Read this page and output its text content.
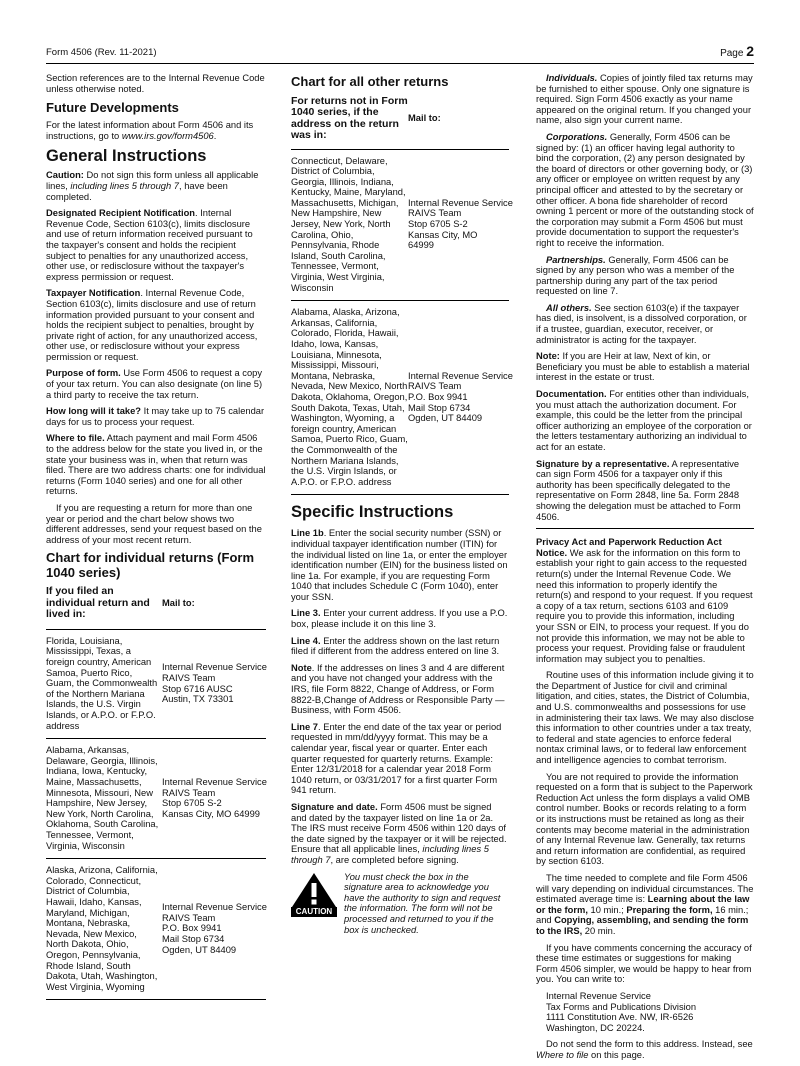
Form 4506 (Rev. 11-2021)	Page 2

Section references are to the Internal Revenue Code unless otherwise noted.

Future Developments

For the latest information about Form 4506 and its instructions, go to www.irs.gov/form4506.

General Instructions

Caution: Do not sign this form unless all applicable lines, including lines 5 through 7, have been completed.

Designated Recipient Notification. Internal Revenue Code, Section 6103(c), limits disclosure and use of return information received pursuant to the taxpayer's consent and holds the recipient subject to penalties for any unauthorized access, other use, or redisclosure without the taxpayer's express permission or request.

Taxpayer Notification. Internal Revenue Code, Section 6103(c), limits disclosure and use of return information provided pursuant to your consent and holds the recipient subject to penalties, brought by private right of action, for any unauthorized access, other use, or redisclosure without your express permission or request.

Purpose of form. Use Form 4506 to request a copy of your tax return. You can also designate (on line 5) a third party to receive the tax return.

How long will it take? It may take up to 75 calendar days for us to process your request.

Where to file. Attach payment and mail Form 4506 to the address below for the state you lived in, or the state your business was in, when that return was filed. There are two address charts: one for individual returns (Form 1040 series) and one for all other returns.

If you are requesting a return for more than one year or period and the chart below shows two different addresses, send your request based on the address of your most recent return.

Chart for individual returns (Form 1040 series)
If you filed an individual return and lived in:
Mail to:
Florida, Louisiana, Mississippi, Texas, a foreign country, American Samoa, Puerto Rico, Guam, the Commonwealth of the Northern Mariana Islands, the U.S. Virgin Islands, or A.P.O. or F.P.O. address
Internal Revenue Service
RAIVS Team
Stop 6716 AUSC
Austin, TX 73301
Alabama, Arkansas, Delaware, Georgia, Illinois, Indiana, Iowa, Kentucky, Maine, Massachusetts, Minnesota, Missouri, New Hampshire, New Jersey, New York, North Carolina, Oklahoma, South Carolina, Tennessee, Vermont, Virginia, Wisconsin
Internal Revenue Service
RAIVS Team
Stop 6705 S-2
Kansas City, MO 64999
Alaska, Arizona, California, Colorado, Connecticut, District of Columbia, Hawaii, Idaho, Kansas, Maryland, Michigan, Montana, Nebraska, Nevada, New Mexico, North Dakota, Ohio, Oregon, Pennsylvania, Rhode Island, South Dakota, Utah, Washington, West Virginia, Wyoming
Internal Revenue Service
RAIVS Team
P.O. Box 9941
Mail Stop 6734
Ogden, UT 84409
Chart for all other returns
For returns not in Form 1040 series, if the address on the return was in:
Mail to:
Connecticut, Delaware, District of Columbia, Georgia, Illinois, Indiana, Kentucky, Maine, Maryland, Massachusetts, Michigan, New Hampshire, New Jersey, New York, North Carolina, Ohio, Pennsylvania, Rhode Island, South Carolina, Tennessee, Vermont, Virginia, West Virginia, Wisconsin
Internal Revenue Service
RAIVS Team
Stop 6705 S-2
Kansas City, MO
64999
Alabama, Alaska, Arizona, Arkansas, California, Colorado, Florida, Hawaii, Idaho, Iowa, Kansas, Louisiana, Minnesota, Mississippi, Missouri, Montana, Nebraska, Nevada, New Mexico, North Dakota, Oklahoma, Oregon, South Dakota, Texas, Utah, Washington, Wyoming, a foreign country, American Samoa, Puerto Rico, Guam, the Commonwealth of the Northern Mariana Islands, the U.S. Virgin Islands, or A.P.O. or F.P.O. address
Internal Revenue Service
RAIVS Team
P.O. Box 9941
Mail Stop 6734
Ogden, UT 84409
Specific Instructions

Line 1b. Enter the social security number (SSN) or individual taxpayer identification number (ITIN) for the individual listed on line 1a, or enter the employer identification number (EIN) for the business listed on line 1a. For example, if you are requesting Form 1040 that includes Schedule C (Form 1040), enter your SSN.

Line 3. Enter your current address. If you use a P.O. box, please include it on this line 3.

Line 4. Enter the address shown on the last return filed if different from the address entered on line 3.

Note. If the addresses on lines 3 and 4 are different and you have not changed your address with the IRS, file Form 8822, Change of Address, or Form 8822-B,Change of Address or Responsible Party — Business, with Form 4506.

Line 7. Enter the end date of the tax year or period requested in mm/dd/yyyy format. This may be a calendar year, fiscal year or quarter. Enter each quarter requested for quarterly returns. Example: Enter 12/31/2018 for a calendar year 2018 Form 1040 return, or 03/31/2017 for a first quarter Form 941 return.

Signature and date. Form 4506 must be signed and dated by the taxpayer listed on line 1a or 2a. The IRS must receive Form 4506 within 120 days of the date signed by the taxpayer or it will be rejected. Ensure that all applicable lines, including lines 5 through 7, are completed before signing.

CAUTION
You must check the box in the signature area to acknowledge you have the authority to sign and request the information. The form will not be processed and returned to you if the box is unchecked.

Individuals. Copies of jointly filed tax returns may be furnished to either spouse. Only one signature is required. Sign Form 4506 exactly as your name appeared on the original return. If you changed your name, also sign your current name.

Corporations. Generally, Form 4506 can be signed by: (1) an officer having legal authority to bind the corporation, (2) any person designated by the board of directors or other governing body, or (3) any officer or employee on written request by any principal officer and attested to by the secretary or other officer. A bona fide shareholder of record owning 1 percent or more of the outstanding stock of the corporation may submit a Form 4506 but must provide documentation to support the requester's right to receive the information.

Partnerships. Generally, Form 4506 can be signed by any person who was a member of the partnership during any part of the tax period requested on line 7.

All others. See section 6103(e) if the taxpayer has died, is insolvent, is a dissolved corporation, or if a trustee, guardian, executor, receiver, or administrator is acting for the taxpayer.

Note: If you are Heir at law, Next of kin, or Beneficiary you must be able to establish a material interest in the estate or trust.

Documentation. For entities other than individuals, you must attach the authorization document. For example, this could be the letter from the principal officer authorizing an employee of the corporation or the letters testamentary authorizing an individual to act for an estate.

Signature by a representative. A representative can sign Form 4506 for a taxpayer only if this authority has been specifically delegated to the representative on Form 2848, line 5a. Form 2848 showing the delegation must be attached to Form 4506.

Privacy Act and Paperwork Reduction Act Notice. We ask for the information on this form to establish your right to gain access to the requested return(s) under the Internal Revenue Code. We need this information to properly identify the return(s) and respond to your request. If you request a copy of a tax return, sections 6103 and 6109 require you to provide this information, including your SSN or EIN, to process your request. If you do not provide this information, we may not be able to process your request. Providing false or fraudulent information may subject you to penalties.

Routine uses of this information include giving it to the Department of Justice for civil and criminal litigation, and cities, states, the District of Columbia, and U.S. commonwealths and possessions for use in administering their tax laws. We may also disclose this information to other countries under a tax treaty, to federal and state agencies to enforce federal nontax criminal laws, or to federal law enforcement and intelligence agencies to combat terrorism.

You are not required to provide the information requested on a form that is subject to the Paperwork Reduction Act unless the form displays a valid OMB control number. Books or records relating to a form or its instructions must be retained as long as their contents may become material in the administration of any Internal Revenue law. Generally, tax returns and return information are confidential, as required by section 6103.

The time needed to complete and file Form 4506 will vary depending on individual circumstances. The estimated average time is: Learning about the law or the form, 10 min.; Preparing the form, 16 min.; and Copying, assembling, and sending the form to the IRS, 20 min.

If you have comments concerning the accuracy of these time estimates or suggestions for making Form 4506 simpler, we would be happy to hear from you. You can write to:

Internal Revenue Service
Tax Forms and Publications Division
1111 Constitution Ave. NW, IR-6526
Washington, DC 20224.

Do not send the form to this address. Instead, see Where to file on this page.
